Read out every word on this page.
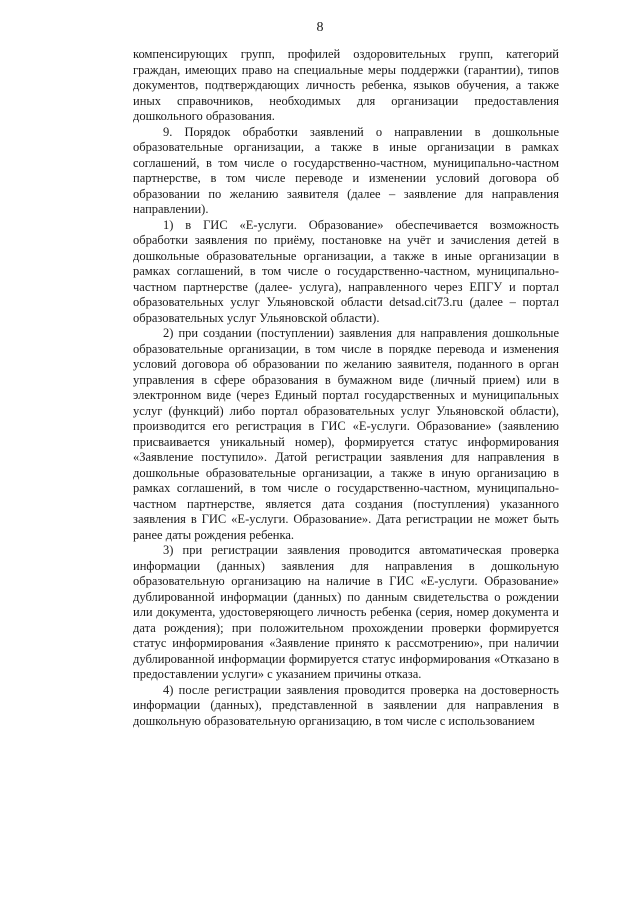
8

компенсирующих групп, профилей оздоровительных групп, категорий граждан, имеющих право на специальные меры поддержки (гарантии), типов документов, подтверждающих личность ребенка, языков обучения, а также иных справочников, необходимых для организации предоставления дошкольного образования.

9. Порядок обработки заявлений о направлении в дошкольные образовательные организации, а также в иные организации в рамках соглашений, в том числе о государственно-частном, муниципально-частном партнерстве, в том числе переводе и изменении условий договора об образовании по желанию заявителя (далее – заявление для направления направлении).

1) в ГИС «Е-услуги. Образование» обеспечивается возможность обработки заявления по приёму, постановке на учёт и зачисления детей в дошкольные образовательные организации, а также в иные организации в рамках соглашений, в том числе о государственно-частном, муниципально-частном партнерстве (далее- услуга), направленного через ЕПГУ и портал образовательных услуг Ульяновской области detsad.cit73.ru (далее – портал образовательных услуг Ульяновской области).

2) при создании (поступлении) заявления для направления дошкольные образовательные организации, в том числе в порядке перевода и изменения условий договора об образовании по желанию заявителя, поданного в орган управления в сфере образования в бумажном виде (личный прием) или в электронном виде (через Единый портал государственных и муниципальных услуг (функций) либо портал образовательных услуг Ульяновской области), производится его регистрация в ГИС «Е-услуги. Образование» (заявлению присваивается уникальный номер), формируется статус информирования «Заявление поступило». Датой регистрации заявления для направления в дошкольные образовательные организации, а также в иную организацию в рамках соглашений, в том числе о государственно-частном, муниципально-частном партнерстве, является дата создания (поступления) указанного заявления в ГИС «Е-услуги. Образование». Дата регистрации не может быть ранее даты рождения ребенка.

3) при регистрации заявления проводится автоматическая проверка информации (данных) заявления для направления в дошкольную образовательную организацию на наличие в ГИС «Е-услуги. Образование» дублированной информации (данных) по данным свидетельства о рождении или документа, удостоверяющего личность ребенка (серия, номер документа и дата рождения); при положительном прохождении проверки формируется статус информирования «Заявление принято к рассмотрению», при наличии дублированной информации формируется статус информирования «Отказано в предоставлении услуги» с указанием причины отказа.

4) после регистрации заявления проводится проверка на достоверность информации (данных), представленной в заявлении для направления в дошкольную образовательную организацию, в том числе с использованием
